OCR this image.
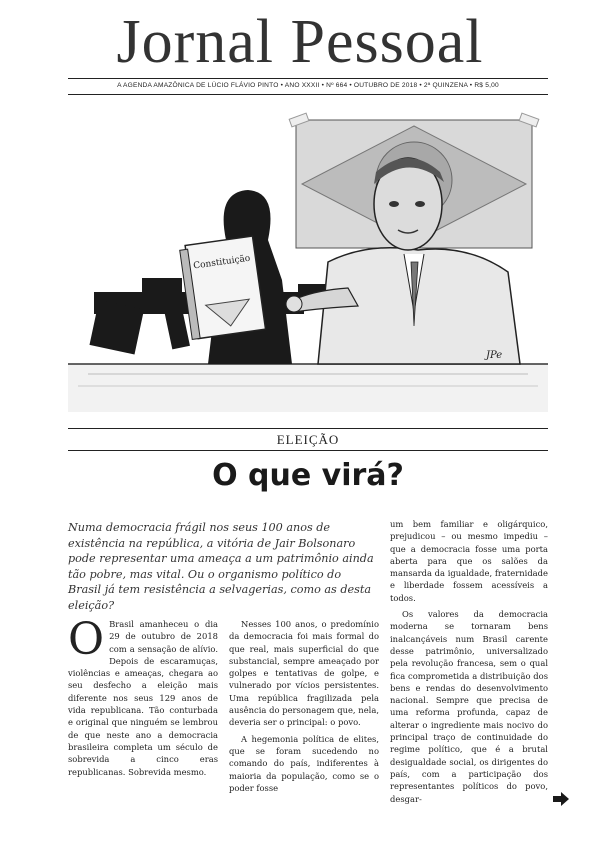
Jornal Pessoal
A AGENDA AMAZÔNICA DE LÚCIO FLÁVIO PINTO • ANO XXXII • Nº 664 • OUTUBRO DE 2018 • 2ª QUINZENA • R$ 5,00
Constituição
JPe
ELEIÇÃO
O que virá?
Numa democracia frágil nos seus 100 anos de existência na república, a vitória de Jair Bolsonaro pode representar uma ameaça a um patrimônio ainda tão pobre, mas vital. Ou o organismo político do Brasil já tem resistência a selvagerias, como as desta eleição?

O Brasil amanheceu o dia 29 de outubro de 2018 com a sensação de alívio. Depois de escaramuças, violências e ameaças, chegara ao seu desfecho a eleição mais diferente nos seus 129 anos de vida republicana. Tão conturbada e original que ninguém se lembrou de que neste ano a democracia brasileira completa um século de sobrevida a cinco eras republicanas. Sobrevida mesmo.

Nesses 100 anos, o predomínio da democracia foi mais formal do que real, mais superficial do que substancial, sempre ameaçado por golpes e tentativas de golpe, e vulnerado por vícios persistentes. Uma república fragilizada pela ausência do personagem que, nela, deveria ser o principal: o povo.

A hegemonia política de elites, que se foram sucedendo no comando do país, indiferentes à maioria da população, como se o poder fosse

um bem familiar e oligárquico, prejudicou – ou mesmo impediu – que a democracia fosse uma porta aberta para que os salões da mansarda da igualdade, fraternidade e liberdade fossem acessíveis a todos.

Os valores da democracia moderna se tornaram bens inalcançáveis num Brasil carente desse patrimônio, universalizado pela revolução francesa, sem o qual fica comprometida a distribuição dos bens e rendas do desenvolvimento nacional. Sempre que precisa de uma reforma profunda, capaz de alterar o ingrediente mais nocivo do principal traço de continuidade do regime político, que é a brutal desigualdade social, os dirigentes do país, com a participação dos representantes políticos do povo, desgar-
